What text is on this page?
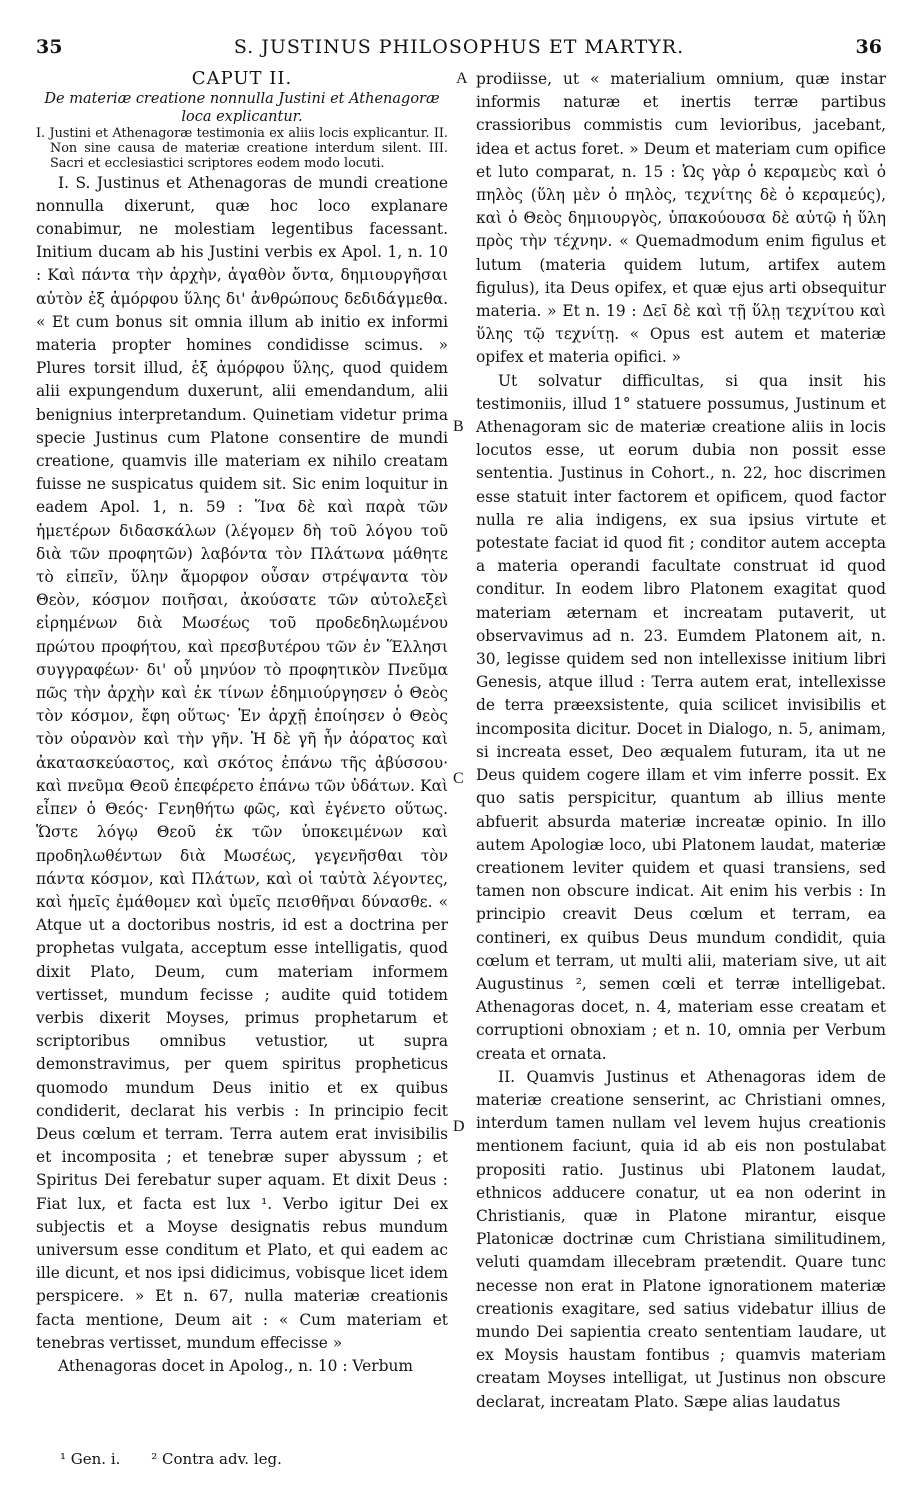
35	S. JUSTINUS PHILOSOPHUS ET MARTYR.	36

CAPUT II.

De materiæ creatione nonnulla Justini et Athenagoræ loca explicantur.

I. Justini et Athenagoræ testimonia ex aliis locis explicantur. II. Non sine causa de materiæ creatione interdum silent. III. Sacri et ecclesiastici scriptores eodem modo locuti.

I. S. Justinus et Athenagoras de mundi creatione nonnulla dixerunt, quæ hoc loco explanare conabimur, ne molestiam legentibus facessant. Initium ducam ab his Justini verbis ex Apol. 1, n. 10 : Καὶ πάντα τὴν ἀρχὴν, ἀγαθὸν ὄντα, δημιουργῆσαι αὐτὸν ἐξ ἀμόρφου ὕλης δι' ἀνθρώπους δεδιδάγμεθα. « Et cum bonus sit omnia illum ab initio ex informi materia propter homines condidisse scimus. » Plures torsit illud, ἐξ ἀμόρφου ὕλης, quod quidem alii expungendum duxerunt, alii emendandum, alii benignius interpretandum. Quinetiam videtur prima specie Justinus cum Platone consentire de mundi creatione, quamvis ille materiam ex nihilo creatam fuisse ne suspicatus quidem sit. Sic enim loquitur in eadem Apol. 1, n. 59 : Ἵνα δὲ καὶ παρὰ τῶν ἡμετέρων διδασκάλων (λέγομεν δὴ τοῦ λόγου τοῦ διὰ τῶν προφητῶν) λαβόντα τὸν Πλάτωνα μάθητε τὸ εἰπεῖν, ὕλην ἄμορφον οὖσαν στρέψαντα τὸν Θεὸν, κόσμον ποιῆσαι, ἀκούσατε τῶν αὐτολεξεὶ εἰρημένων διὰ Μωσέως τοῦ προδεδηλωμένου πρώτου προφήτου, καὶ πρεσβυτέρου τῶν ἐν Ἕλλησι συγγραφέων· δι' οὗ μηνύον τὸ προφητικὸν Πνεῦμα πῶς τὴν ἀρχὴν καὶ ἐκ τίνων ἐδημιούργησεν ὁ Θεὸς τὸν κόσμον, ἔφη οὕτως· Ἐν ἀρχῇ ἐποίησεν ὁ Θεὸς τὸν οὐρανὸν καὶ τὴν γῆν. Ἡ δὲ γῆ ἦν ἀόρατος καὶ ἀκατασκεύαστος, καὶ σκότος ἐπάνω τῆς ἀβύσσου· καὶ πνεῦμα Θεοῦ ἐπεφέρετο ἐπάνω τῶν ὑδάτων. Καὶ εἶπεν ὁ Θεός· Γενηθήτω φῶς, καὶ ἐγένετο οὕτως. Ὥστε λόγῳ Θεοῦ ἐκ τῶν ὑποκειμένων καὶ προδηλωθέντων διὰ Μωσέως, γεγενῆσθαι τὸν πάντα κόσμον, καὶ Πλάτων, καὶ οἱ ταὐτὰ λέγοντες, καὶ ἡμεῖς ἐμάθομεν καὶ ὑμεῖς πεισθῆναι δύνασθε. « Atque ut a doctoribus nostris, id est a doctrina per prophetas vulgata, acceptum esse intelligatis, quod dixit Plato, Deum, cum materiam informem vertisset, mundum fecisse ; audite quid totidem verbis dixerit Moyses, primus prophetarum et scriptoribus omnibus vetustior, ut supra demonstravimus, per quem spiritus propheticus quomodo mundum Deus initio et ex quibus condiderit, declarat his verbis : In principio fecit Deus cœlum et terram. Terra autem erat invisibilis et incomposita ; et tenebræ super abyssum ; et Spiritus Dei ferebatur super aquam. Et dixit Deus : Fiat lux, et facta est lux ¹. Verbo igitur Dei ex subjectis et a Moyse designatis rebus mundum universum esse conditum et Plato, et qui eadem ac ille dicunt, et nos ipsi didicimus, vobisque licet idem perspicere. » Et n. 67, nulla materiæ creationis facta mentione, Deum ait : « Cum materiam et tenebras vertisset, mundum effecisse »

Athenagoras docet in Apolog., n. 10 : Verbum

prodiisse, ut « materialium omnium, quæ instar informis naturæ et inertis terræ partibus crassioribus commistis cum levioribus, jacebant, idea et actus foret. » Deum et materiam cum opifice et luto comparat, n. 15 : Ὡς γὰρ ὁ κεραμεὺς καὶ ὁ πηλὸς (ὕλη μὲν ὁ πηλὸς, τεχνίτης δὲ ὁ κεραμεύς), καὶ ὁ Θεὸς δημιουργὸς, ὑπακούουσα δὲ αὐτῷ ἡ ὕλη πρὸς τὴν τέχνην. « Quemadmodum enim figulus et lutum (materia quidem lutum, artifex autem figulus), ita Deus opifex, et quæ ejus arti obsequitur materia. » Et n. 19 : Δεῖ δὲ καὶ τῇ ὕλῃ τεχνίτου καὶ ὕλης τῷ τεχνίτῃ. « Opus est autem et materiæ opifex et materia opifici. »

Ut solvatur difficultas, si qua insit his testimoniis, illud 1° statuere possumus, Justinum et Athenagoram sic de materiæ creatione aliis in locis locutos esse, ut eorum dubia non possit esse sententia. Justinus in Cohort., n. 22, hoc discrimen esse statuit inter factorem et opificem, quod factor nulla re alia indigens, ex sua ipsius virtute et potestate faciat id quod fit ; conditor autem accepta a materia operandi facultate construat id quod conditur. In eodem libro Platonem exagitat quod materiam æternam et increatam putaverit, ut observavimus ad n. 23. Eumdem Platonem ait, n. 30, legisse quidem sed non intellexisse initium libri Genesis, atque illud : Terra autem erat, intellexisse de terra præexsistente, quia scilicet invisibilis et incomposita dicitur. Docet in Dialogo, n. 5, animam, si increata esset, Deo æqualem futuram, ita ut ne Deus quidem cogere illam et vim inferre possit. Ex quo satis perspicitur, quantum ab illius mente abfuerit absurda materiæ increatæ opinio. In illo autem Apologiæ loco, ubi Platonem laudat, materiæ creationem leviter quidem et quasi transiens, sed tamen non obscure indicat. Ait enim his verbis : In principio creavit Deus cœlum et terram, ea contineri, ex quibus Deus mundum condidit, quia cœlum et terram, ut multi alii, materiam sive, ut ait Augustinus ², semen cœli et terræ intelligebat. Athenagoras docet, n. 4, materiam esse creatam et corruptioni obnoxiam ; et n. 10, omnia per Verbum creata et ornata.

II. Quamvis Justinus et Athenagoras idem de materiæ creatione senserint, ac Christiani omnes, interdum tamen nullam vel levem hujus creationis mentionem faciunt, quia id ab eis non postulabat propositi ratio. Justinus ubi Platonem laudat, ethnicos adducere conatur, ut ea non oderint in Christianis, quæ in Platone mirantur, eisque Platonicæ doctrinæ cum Christiana similitudinem, veluti quamdam illecebram prætendit. Quare tunc necesse non erat in Platone ignorationem materiæ creationis exagitare, sed satius videbatur illius de mundo Dei sapientia creato sententiam laudare, ut ex Moysis haustam fontibus ; quamvis materiam creatam Moyses intelligat, ut Justinus non obscure declarat, increatam Plato. Sæpe alias laudatus

A
B
C
D
¹ Gen. i. ² Contra adv. leg.
